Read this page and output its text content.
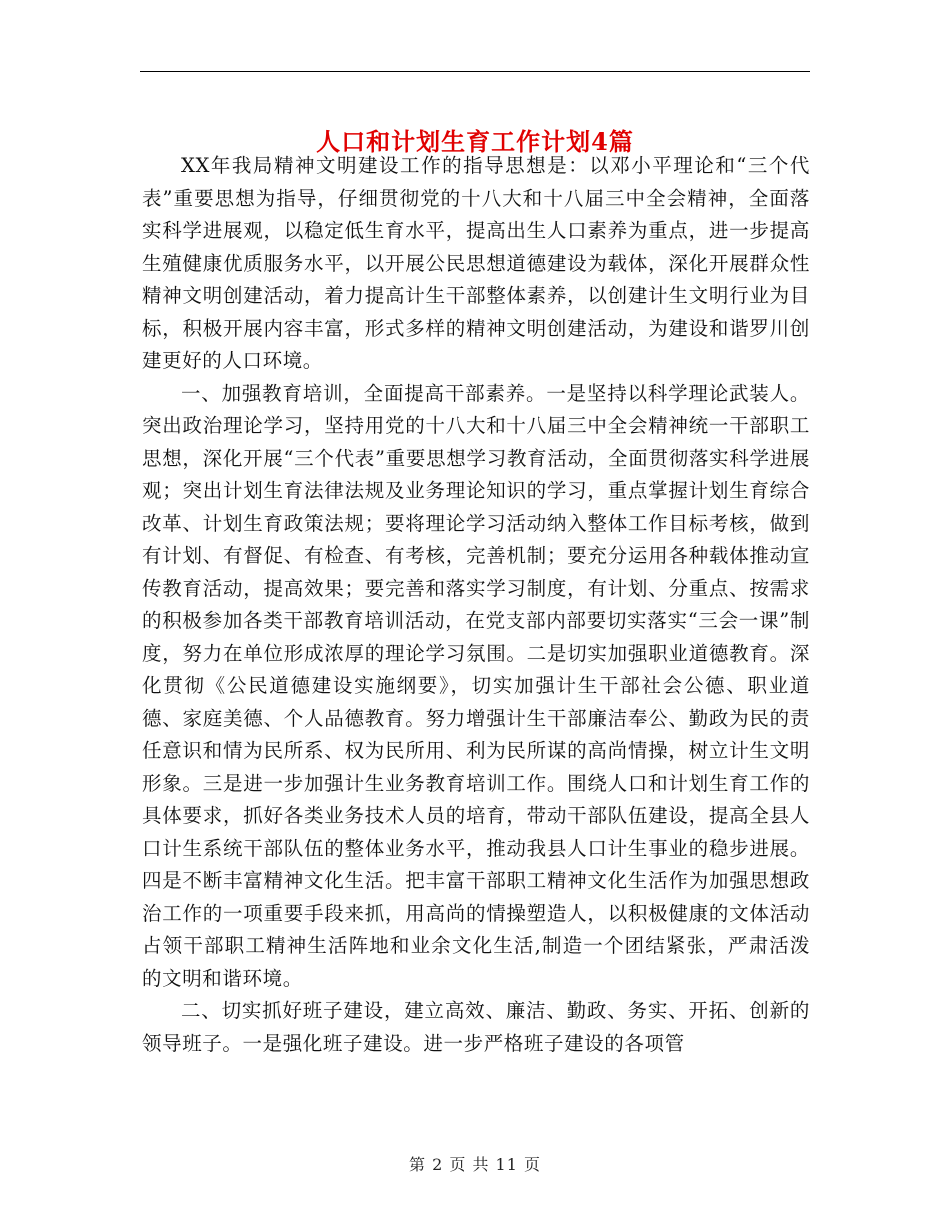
人口和计划生育工作计划4篇

XX年我局精神文明建设工作的指导思想是：以邓小平理论和“三个代表”重要思想为指导，仔细贯彻党的十八大和十八届三中全会精神，全面落实科学进展观，以稳定低生育水平，提高出生人口素养为重点，进一步提高生殖健康优质服务水平，以开展公民思想道德建设为载体，深化开展群众性精神文明创建活动，着力提高计生干部整体素养，以创建计生文明行业为目标，积极开展内容丰富，形式多样的精神文明创建活动，为建设和谐罗川创建更好的人口环境。

一、加强教育培训，全面提高干部素养。一是坚持以科学理论武装人。突出政治理论学习，坚持用党的十八大和十八届三中全会精神统一干部职工思想，深化开展“三个代表”重要思想学习教育活动，全面贯彻落实科学进展观；突出计划生育法律法规及业务理论知识的学习，重点掌握计划生育综合改革、计划生育政策法规；要将理论学习活动纳入整体工作目标考核，做到有计划、有督促、有检查、有考核，完善机制；要充分运用各种载体推动宣传教育活动，提高效果；要完善和落实学习制度，有计划、分重点、按需求的积极参加各类干部教育培训活动，在党支部内部要切实落实“三会一课”制度，努力在单位形成浓厚的理论学习氛围。二是切实加强职业道德教育。深化贯彻《公民道德建设实施纲要》，切实加强计生干部社会公德、职业道德、家庭美德、个人品德教育。努力增强计生干部廉洁奉公、勤政为民的责任意识和情为民所系、权为民所用、利为民所谋的高尚情操，树立计生文明形象。三是进一步加强计生业务教育培训工作。围绕人口和计划生育工作的具体要求，抓好各类业务技术人员的培育，带动干部队伍建设，提高全县人口计生系统干部队伍的整体业务水平，推动我县人口计生事业的稳步进展。四是不断丰富精神文化生活。把丰富干部职工精神文化生活作为加强思想政治工作的一项重要手段来抓，用高尚的情操塑造人，以积极健康的文体活动占领干部职工精神生活阵地和业余文化生活,制造一个团结紧张，严肃活泼的文明和谐环境。

二、切实抓好班子建设，建立高效、廉洁、勤政、务实、开拓、创新的领导班子。一是强化班子建设。进一步严格班子建设的各项管

第 2 页 共 11 页
